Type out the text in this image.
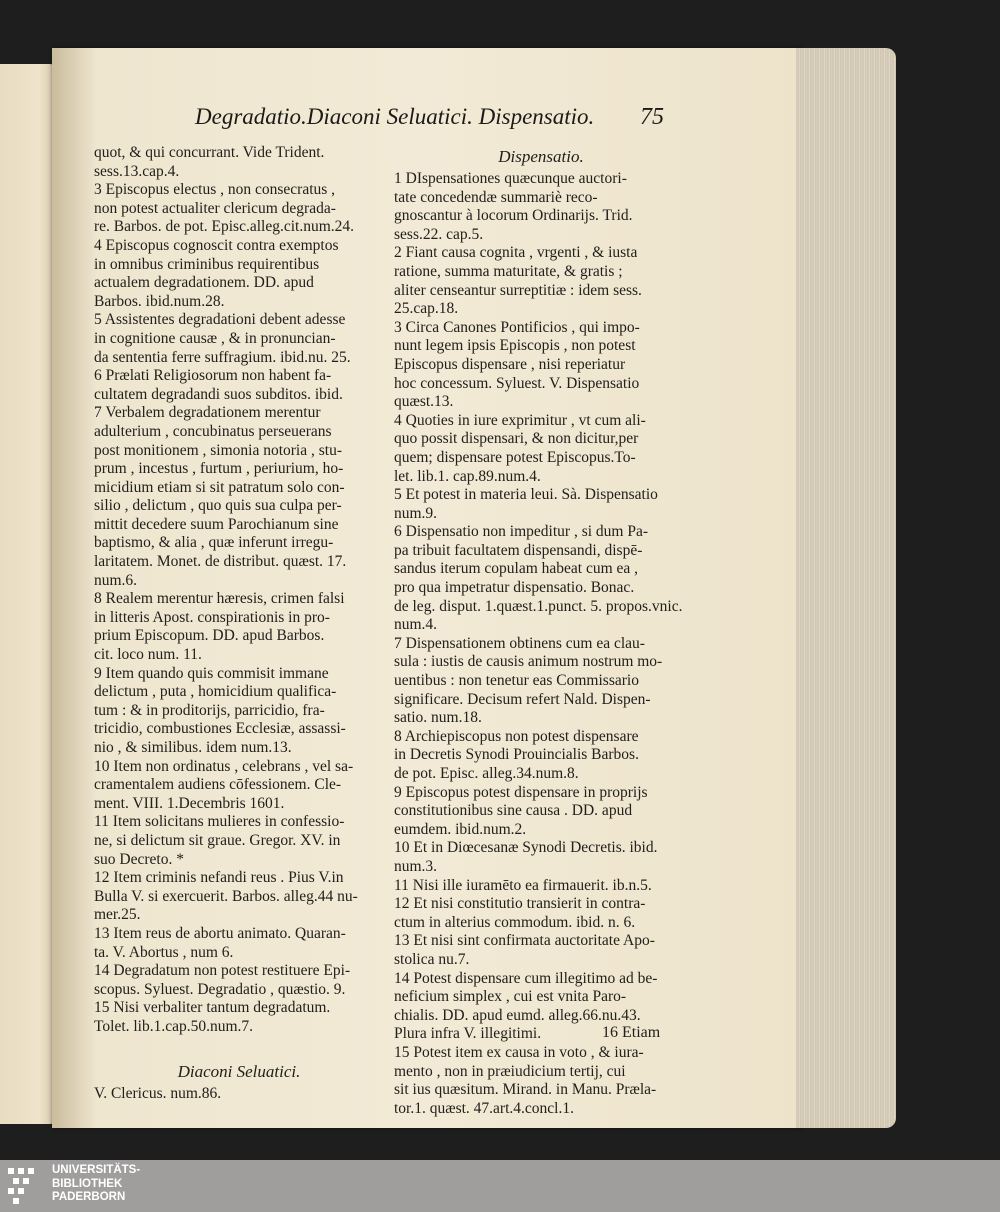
Degradatio.Diaconi Seluatici. Dispensatio. 75
quot, & qui concurrant. Vide Trident.
sess.13.cap.4.
3 Episcopus electus , non consecratus ,
non potest actualiter clericum degrada-
re. Barbos. de pot. Episc.alleg.cit.num.24.
4 Episcopus cognoscit contra exemptos
in omnibus criminibus requirentibus
actualem degradationem. DD. apud
Barbos. ibid.num.28.
5 Assistentes degradationi debent adesse
in cognitione causæ , & in pronuncian-
da sententia ferre suffragium. ibid.nu. 25.
6 Prælati Religiosorum non habent fa-
cultatem degradandi suos subditos. ibid.
7 Verbalem degradationem merentur
adulterium , concubinatus perseuerans
post monitionem , simonia notoria , stu-
prum , incestus , furtum , periurium, ho-
micidium etiam si sit patratum solo con-
silio , delictum , quo quis sua culpa per-
mittit decedere suum Parochianum sine
baptismo, & alia , quæ inferunt irregu-
laritatem. Monet. de distribut. quæst. 17.
num.6.
8 Realem merentur hæresis, crimen falsi
in litteris Apost. conspirationis in pro-
prium Episcopum. DD. apud Barbos.
cit. loco num. 11.
9 Item quando quis commisit immane
delictum , puta , homicidium qualifica-
tum : & in proditorijs, parricidio, fra-
tricidio, combustiones Ecclesiæ, assassi-
nio , & similibus. idem num.13.
10 Item non ordinatus , celebrans , vel sa-
cramentalem audiens cōfessionem. Cle-
ment. VIII. 1.Decembris 1601.
11 Item solicitans mulieres in confessio-
ne, si delictum sit graue. Gregor. XV. in
suo Decreto. *
12 Item criminis nefandi reus . Pius V.in
Bulla V. si exercuerit. Barbos. alleg.44 nu-
mer.25.
13 Item reus de abortu animato. Quaran-
ta. V. Abortus , num 6.
14 Degradatum non potest restituere Epi-
scopus. Syluest. Degradatio , quæstio. 9.
15 Nisi verbaliter tantum degradatum.
Tolet. lib.1.cap.50.num.7.
Diaconi Seluatici.
V. Clericus. num.86.
Dispensatio.
1 DIspensationes quæcunque auctori-
tate concedendæ summariè reco-
gnoscantur à locorum Ordinarijs. Trid.
sess.22. cap.5.
2 Fiant causa cognita , vrgenti , & iusta
ratione, summa maturitate, & gratis ;
aliter censeantur surreptitiæ : idem sess.
25.cap.18.
3 Circa Canones Pontificios , qui impo-
nunt legem ipsis Episcopis , non potest
Episcopus dispensare , nisi reperiatur
hoc concessum. Syluest. V. Dispensatio
quæst.13.
4 Quoties in iure exprimitur , vt cum ali-
quo possit dispensari, & non dicitur,per
quem; dispensare potest Episcopus.To-
let. lib.1. cap.89.num.4.
5 Et potest in materia leui. Sà. Dispensatio
num.9.
6 Dispensatio non impeditur , si dum Pa-
pa tribuit facultatem dispensandi, dispē-
sandus iterum copulam habeat cum ea ,
pro qua impetratur dispensatio. Bonac.
de leg. disput. 1.quæst.1.punct. 5. propos.vnic.
num.4.
7 Dispensationem obtinens cum ea clau-
sula : iustis de causis animum nostrum mo-
uentibus : non tenetur eas Commissario
significare. Decisum refert Nald. Dispen-
satio. num.18.
8 Archiepiscopus non potest dispensare
in Decretis Synodi Prouincialis Barbos.
de pot. Episc. alleg.34.num.8.
9 Episcopus potest dispensare in proprijs
constitutionibus sine causa . DD. apud
eumdem. ibid.num.2.
10 Et in Diœcesanæ Synodi Decretis. ibid.
num.3.
11 Nisi ille iuramēto ea firmauerit. ib.n.5.
12 Et nisi constitutio transierit in contra-
ctum in alterius commodum. ibid. n. 6.
13 Et nisi sint confirmata auctoritate Apo-
stolica nu.7.
14 Potest dispensare cum illegitimo ad be-
neficium simplex , cui est vnita Paro-
chialis. DD. apud eumd. alleg.66.nu.43.
Plura infra V. illegitimi.
15 Potest item ex causa in voto , & iura-
mento , non in præiudicium tertij, cui
sit ius quæsitum. Mirand. in Manu. Præla-
tor.1. quæst. 47.art.4.concl.1.
16 Etiam
UNIVERSITÄTS-
BIBLIOTHEK
PADERBORN
